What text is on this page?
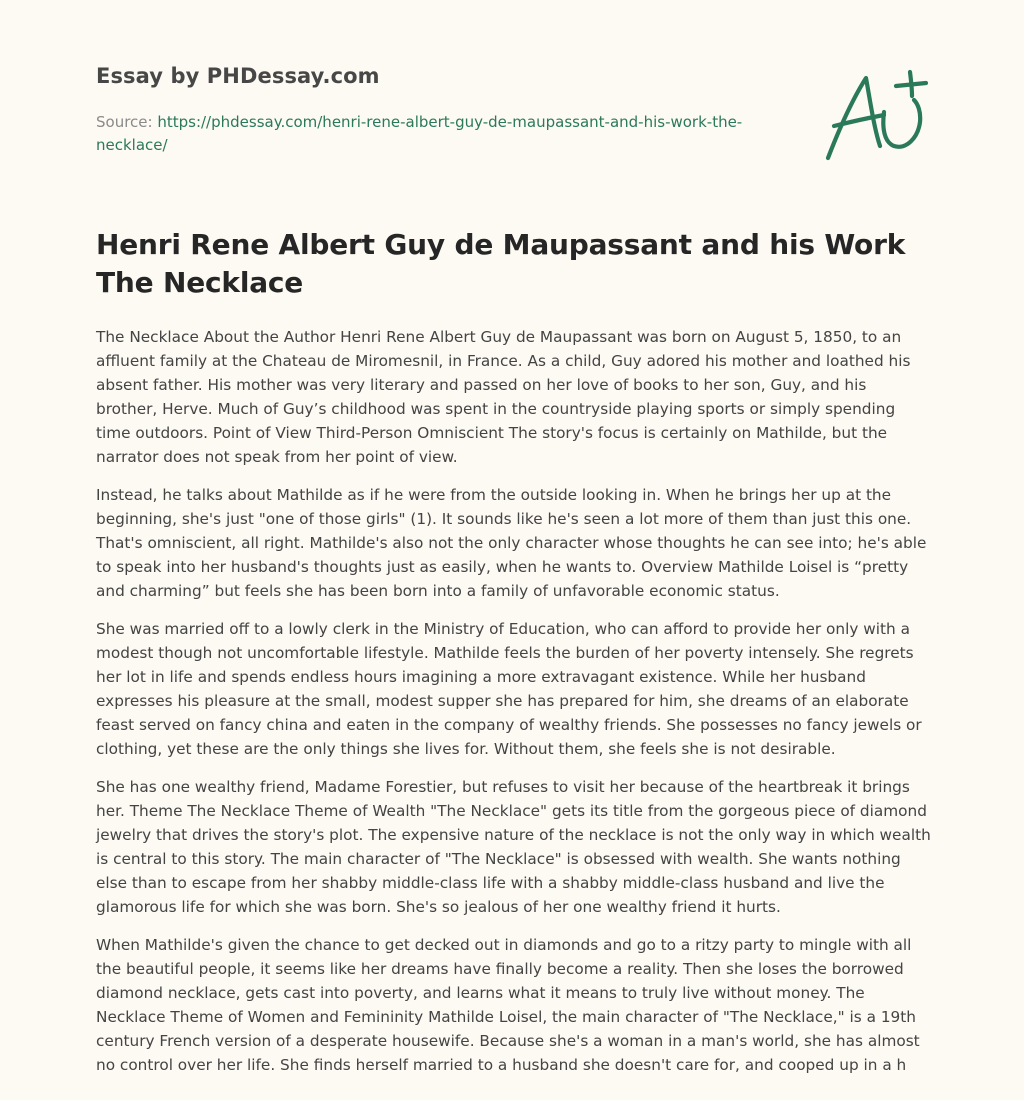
Essay by PHDessay.com
Source: https://phdessay.com/henri-rene-albert-guy-de-maupassant-and-his-work-the-necklace/
Henri Rene Albert Guy de Maupassant and his Work The Necklace

The Necklace About the Author Henri Rene Albert Guy de Maupassant was born on August 5, 1850, to an affluent family at the Chateau de Miromesnil, in France. As a child, Guy adored his mother and loathed his absent father. His mother was very literary and passed on her love of books to her son, Guy, and his brother, Herve. Much of Guy’s childhood was spent in the countryside playing sports or simply spending time outdoors. Point of View Third-Person Omniscient The story's focus is certainly on Mathilde, but the narrator does not speak from her point of view.

Instead, he talks about Mathilde as if he were from the outside looking in. When he brings her up at the beginning, she's just "one of those girls" (1). It sounds like he's seen a lot more of them than just this one. That's omniscient, all right. Mathilde's also not the only character whose thoughts he can see into; he's able to speak into her husband's thoughts just as easily, when he wants to. Overview Mathilde Loisel is “pretty and charming” but feels she has been born into a family of unfavorable economic status.

She was married off to a lowly clerk in the Ministry of Education, who can afford to provide her only with a modest though not uncomfortable lifestyle. Mathilde feels the burden of her poverty intensely. She regrets her lot in life and spends endless hours imagining a more extravagant existence. While her husband expresses his pleasure at the small, modest supper she has prepared for him, she dreams of an elaborate feast served on fancy china and eaten in the company of wealthy friends. She possesses no fancy jewels or clothing, yet these are the only things she lives for. Without them, she feels she is not desirable.

She has one wealthy friend, Madame Forestier, but refuses to visit her because of the heartbreak it brings her. Theme The Necklace Theme of Wealth "The Necklace" gets its title from the gorgeous piece of diamond jewelry that drives the story's plot. The expensive nature of the necklace is not the only way in which wealth is central to this story. The main character of "The Necklace" is obsessed with wealth. She wants nothing else than to escape from her shabby middle-class life with a shabby middle-class husband and live the glamorous life for which she was born. She's so jealous of her one wealthy friend it hurts.

When Mathilde's given the chance to get decked out in diamonds and go to a ritzy party to mingle with all the beautiful people, it seems like her dreams have finally become a reality. Then she loses the borrowed diamond necklace, gets cast into poverty, and learns what it means to truly live without money. The Necklace Theme of Women and Femininity Mathilde Loisel, the main character of "The Necklace," is a 19th century French version of a desperate housewife. Because she's a woman in a man's world, she has almost no control over her life. She finds herself married to a husband she doesn't care for, and cooped up in a h
